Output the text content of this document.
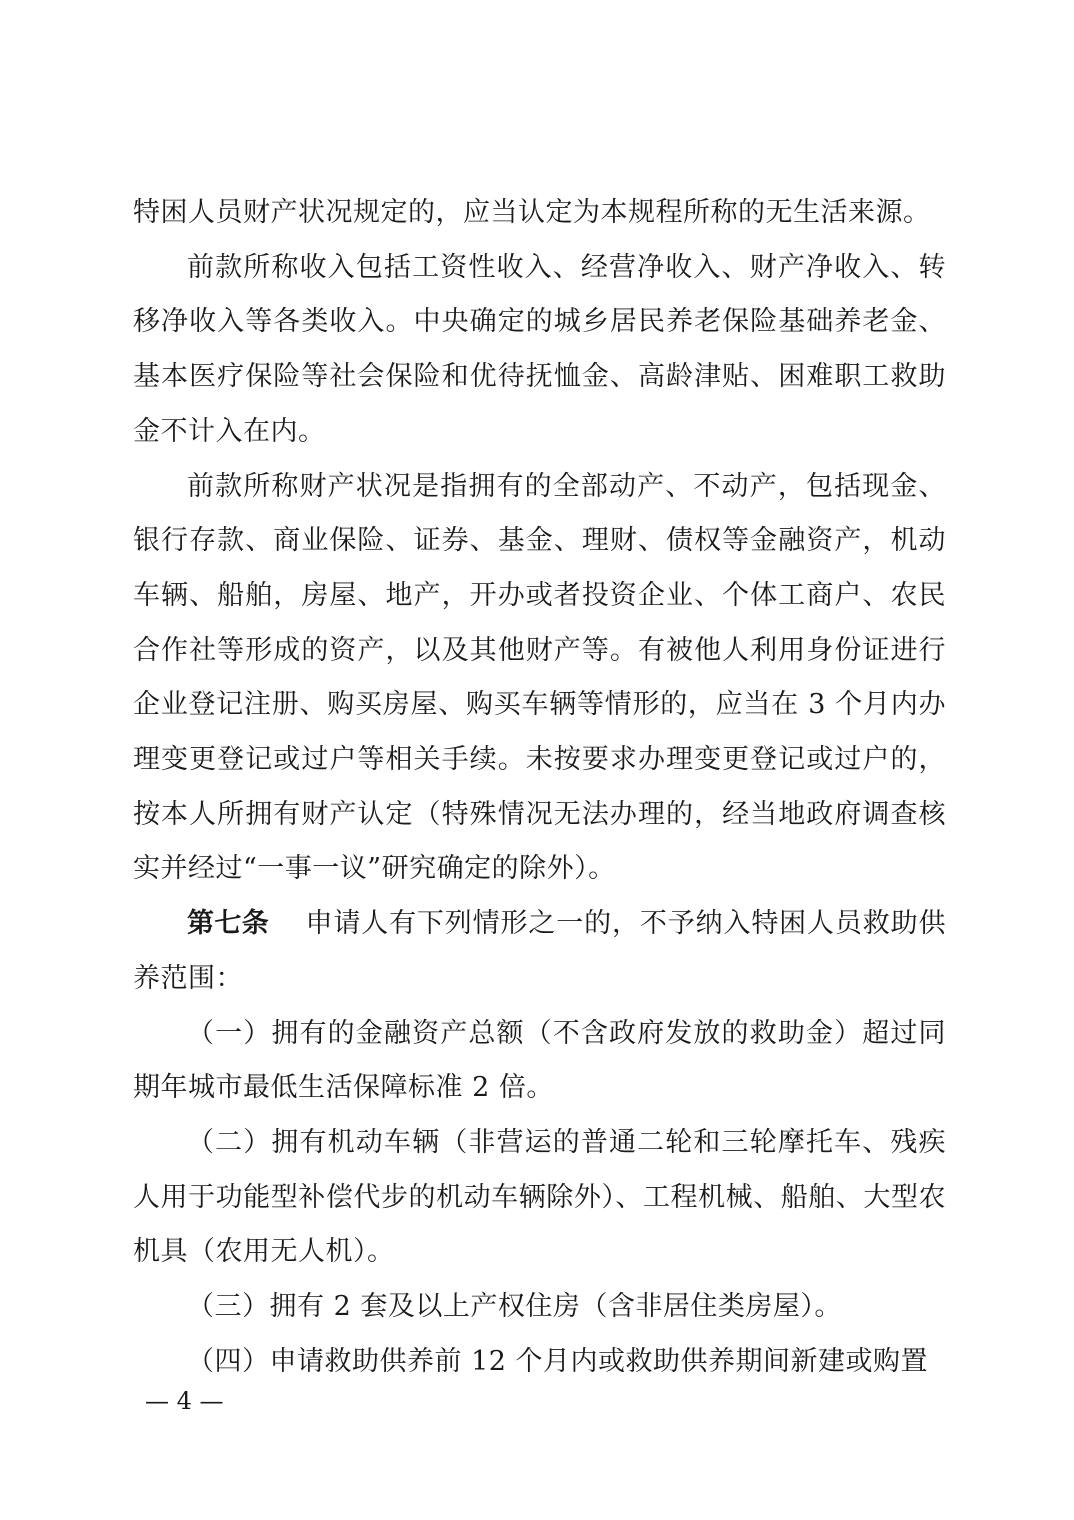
特困人员财产状况规定的，应当认定为本规程所称的无生活来源。

前款所称收入包括工资性收入、经营净收入、财产净收入、转移净收入等各类收入。中央确定的城乡居民养老保险基础养老金、基本医疗保险等社会保险和优待抚恤金、高龄津贴、困难职工救助金不计入在内。

前款所称财产状况是指拥有的全部动产、不动产，包括现金、银行存款、商业保险、证券、基金、理财、债权等金融资产，机动车辆、船舶，房屋、地产，开办或者投资企业、个体工商户、农民合作社等形成的资产，以及其他财产等。有被他人利用身份证进行企业登记注册、购买房屋、购买车辆等情形的，应当在 3 个月内办理变更登记或过户等相关手续。未按要求办理变更登记或过户的，按本人所拥有财产认定（特殊情况无法办理的，经当地政府调查核实并经过“一事一议”研究确定的除外）。

第七条 申请人有下列情形之一的，不予纳入特困人员救助供养范围：

（一）拥有的金融资产总额（不含政府发放的救助金）超过同期年城市最低生活保障标准 2 倍。

（二）拥有机动车辆（非营运的普通二轮和三轮摩托车、残疾人用于功能型补偿代步的机动车辆除外）、工程机械、船舶、大型农机具（农用无人机）。

（三）拥有 2 套及以上产权住房（含非居住类房屋）。

（四）申请救助供养前 12 个月内或救助供养期间新建或购置

— 4 —
